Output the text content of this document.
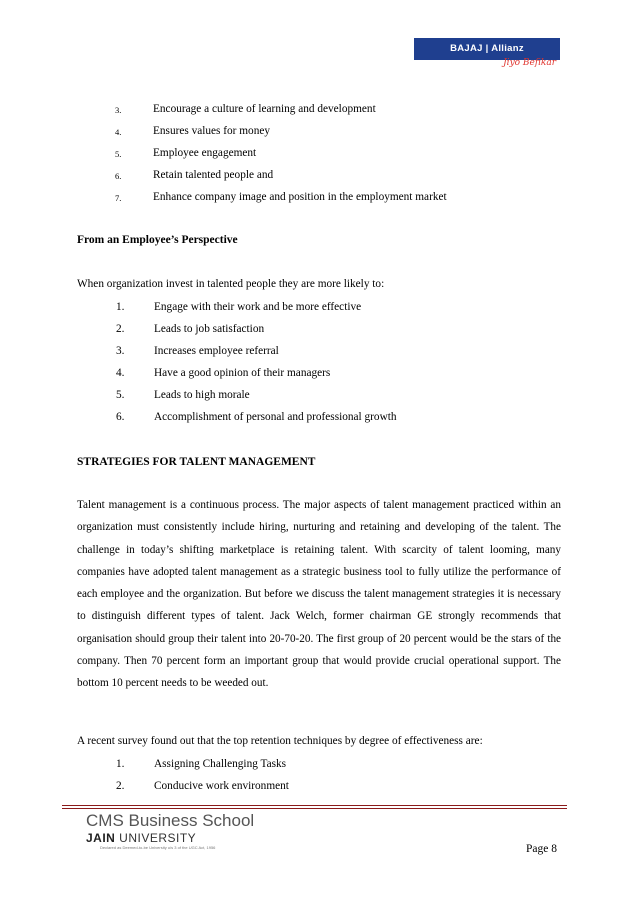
BAJAJ | Allianz
Jiyo Befikar
3.	Encourage a culture of learning and development
4.	Ensures values for money
5.	Employee engagement
6.	Retain talented people and
7.	Enhance company image and position in the employment market
From an Employee’s Perspective
When organization invest in talented people they are more likely to:
1.	Engage with their work and be more effective
2.	Leads to job satisfaction
3.	Increases employee referral
4.	Have a good opinion of their managers
5.	Leads to high morale
6.	Accomplishment of personal and professional growth
STRATEGIES FOR TALENT MANAGEMENT

Talent management is a continuous process. The major aspects of talent management practiced within an organization must consistently include hiring, nurturing and retaining and developing of the talent. The challenge in today’s shifting marketplace is retaining talent. With scarcity of talent looming, many companies have adopted talent management as a strategic business tool to fully utilize the performance of each employee and the organization. But before we discuss the talent management strategies it is necessary to distinguish different types of talent. Jack Welch, former chairman GE strongly recommends that organisation should group their talent into 20-70-20. The first group of 20 percent would be the stars of the company. Then 70 percent form an important group that would provide crucial operational support. The bottom 10 percent needs to be weeded out.

A recent survey found out that the top retention techniques by degree of effectiveness are:
1.	Assigning Challenging Tasks
2.	Conducive work environment
CMS Business School
JAIN UNIVERSITY
Declared as Deemed-to-be University u/s 3 of the UGC Act, 1956	Page 8
